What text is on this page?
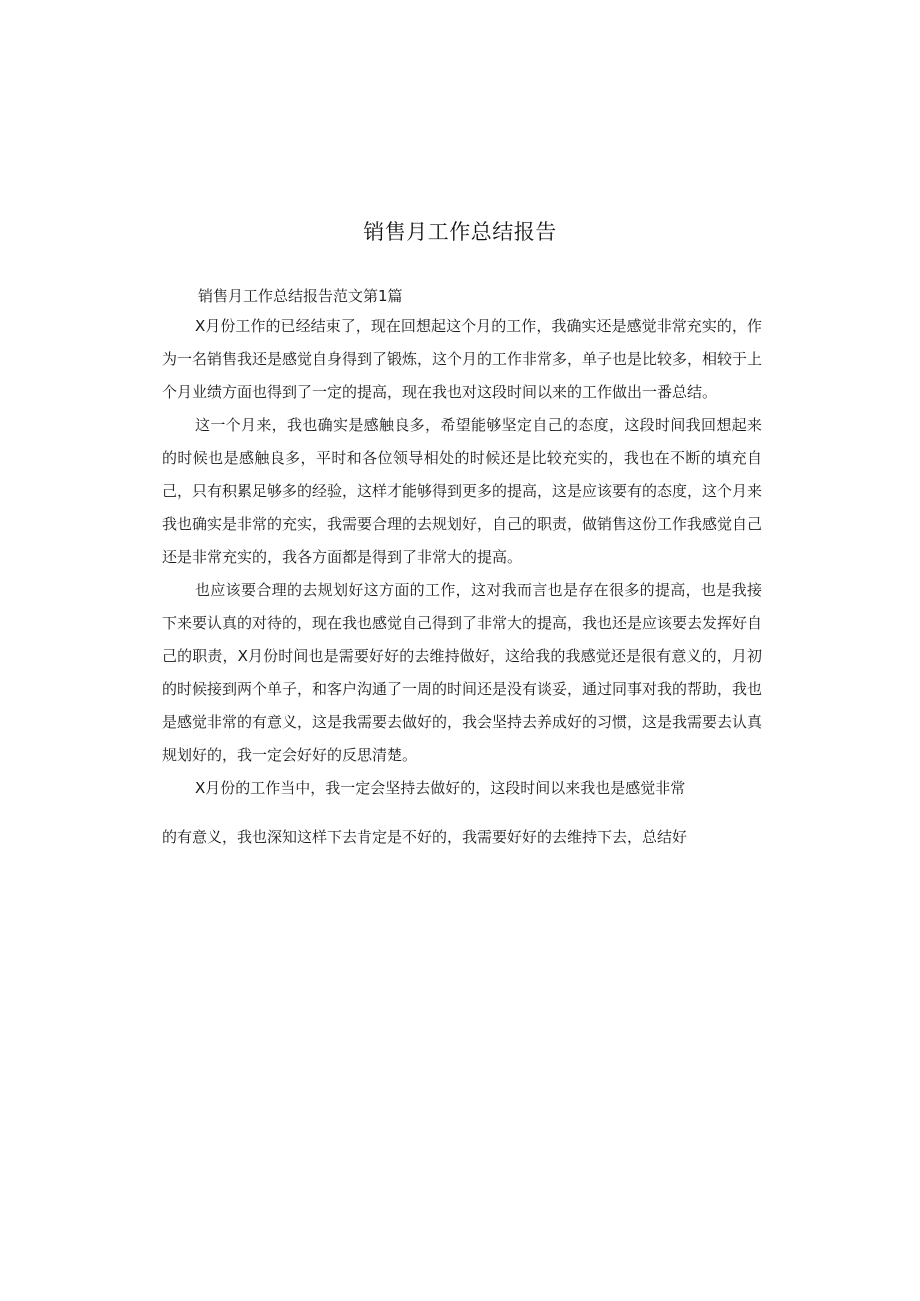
销售月工作总结报告

销售月工作总结报告范文第1篇

X月份工作的已经结束了，现在回想起这个月的工作，我确实还是感觉非常充实的，作为一名销售我还是感觉自身得到了锻炼，这个月的工作非常多，单子也是比较多，相较于上个月业绩方面也得到了一定的提高，现在我也对这段时间以来的工作做出一番总结。

这一个月来，我也确实是感触良多，希望能够坚定自己的态度，这段时间我回想起来的时候也是感触良多，平时和各位领导相处的时候还是比较充实的，我也在不断的填充自己，只有积累足够多的经验，这样才能够得到更多的提高，这是应该要有的态度，这个月来我也确实是非常的充实，我需要合理的去规划好，自己的职责，做销售这份工作我感觉自己还是非常充实的，我各方面都是得到了非常大的提高。

也应该要合理的去规划好这方面的工作，这对我而言也是存在很多的提高，也是我接下来要认真的对待的，现在我也感觉自己得到了非常大的提高，我也还是应该要去发挥好自己的职责，X月份时间也是需要好好的去维持做好，这给我的我感觉还是很有意义的，月初的时候接到两个单子，和客户沟通了一周的时间还是没有谈妥，通过同事对我的帮助，我也是感觉非常的有意义，这是我需要去做好的，我会坚持去养成好的习惯，这是我需要去认真规划好的，我一定会好好的反思清楚。

X月份的工作当中，我一定会坚持去做好的，这段时间以来我也是感觉非常
的有意义，我也深知这样下去肯定是不好的，我需要好好的去维持下去，总结好
